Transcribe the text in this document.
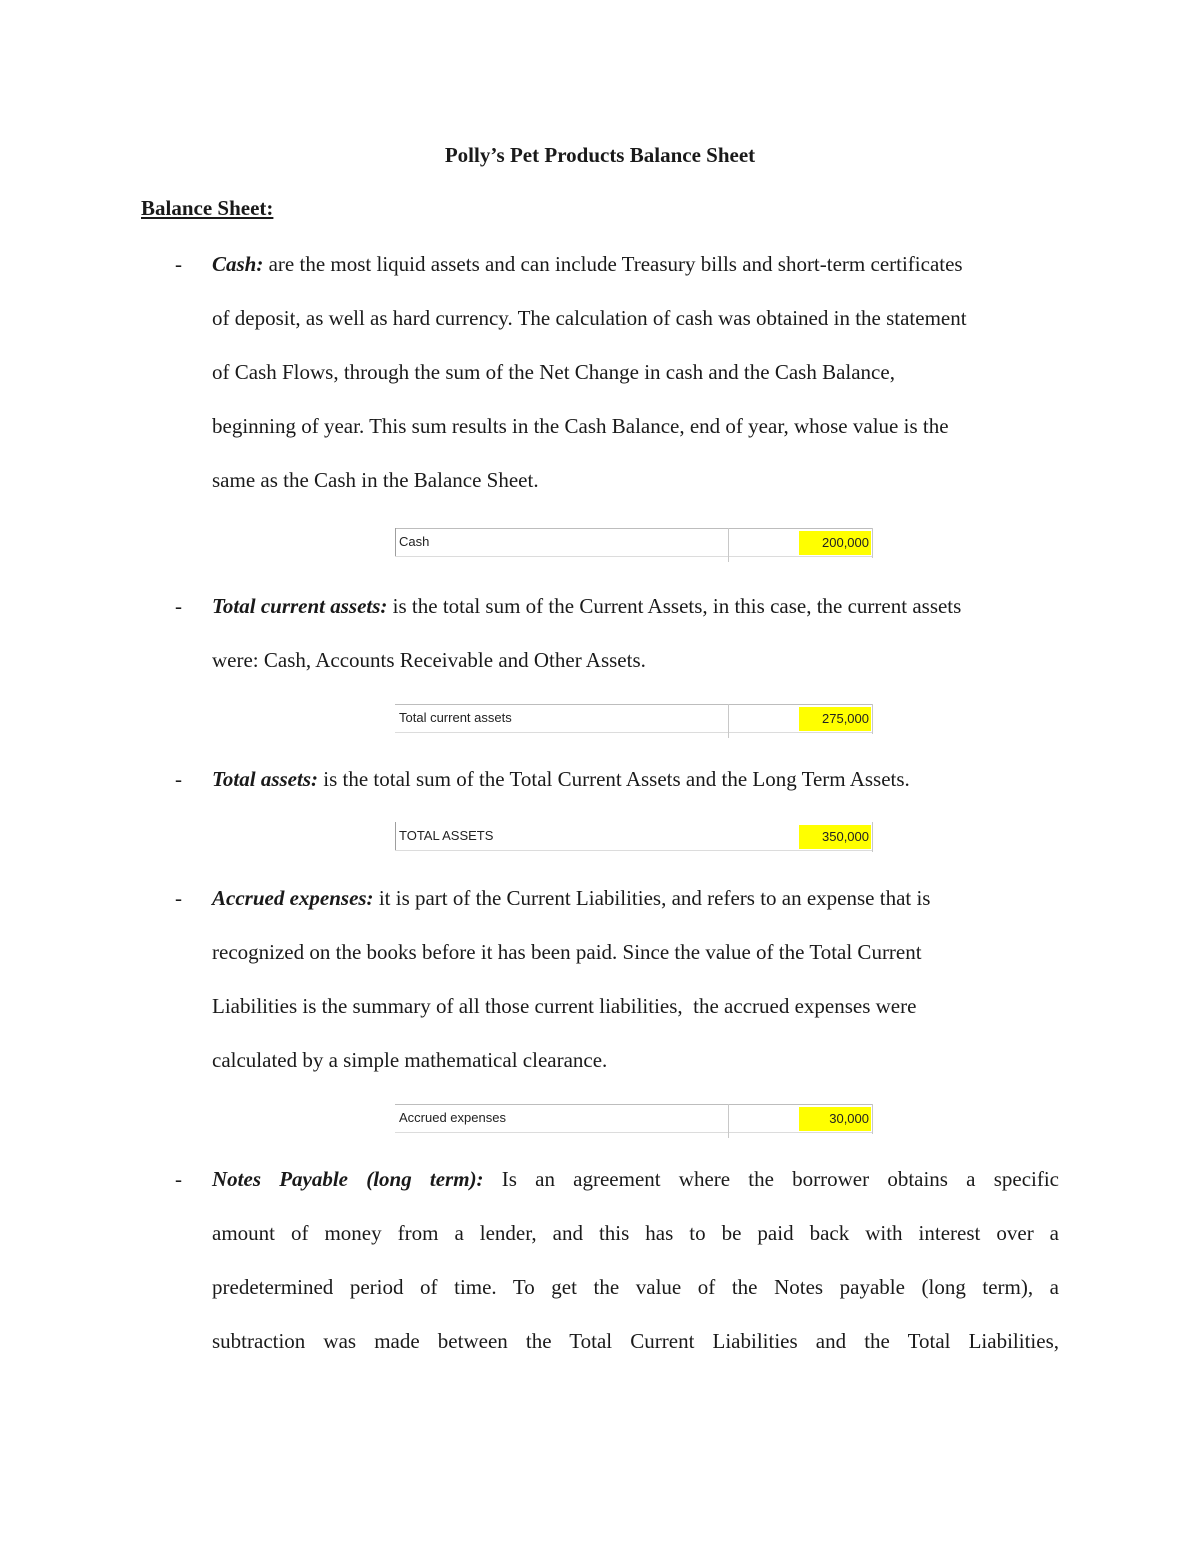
Polly’s Pet Products Balance Sheet
Balance Sheet:
- Cash: are the most liquid assets and can include Treasury bills and short-term certificates
of deposit, as well as hard currency. The calculation of cash was obtained in the statement
of Cash Flows, through the sum of the Net Change in cash and the Cash Balance,
beginning of year. This sum results in the Cash Balance, end of year, whose value is the
same as the Cash in the Balance Sheet.
Cash	200,000
- Total current assets: is the total sum of the Current Assets, in this case, the current assets
were: Cash, Accounts Receivable and Other Assets.
Total current assets	275,000
- Total assets: is the total sum of the Total Current Assets and the Long Term Assets.
TOTAL ASSETS	350,000
- Accrued expenses: it is part of the Current Liabilities, and refers to an expense that is
recognized on the books before it has been paid. Since the value of the Total Current
Liabilities is the summary of all those current liabilities,  the accrued expenses were
calculated by a simple mathematical clearance.
Accrued expenses	30,000
- Notes Payable (long term): Is an agreement where the borrower obtains a specific
amount of money from a lender, and this has to be paid back with interest over a
predetermined period of time. To get the value of the Notes payable (long term), a
subtraction was made between the Total Current Liabilities and the Total Liabilities,
